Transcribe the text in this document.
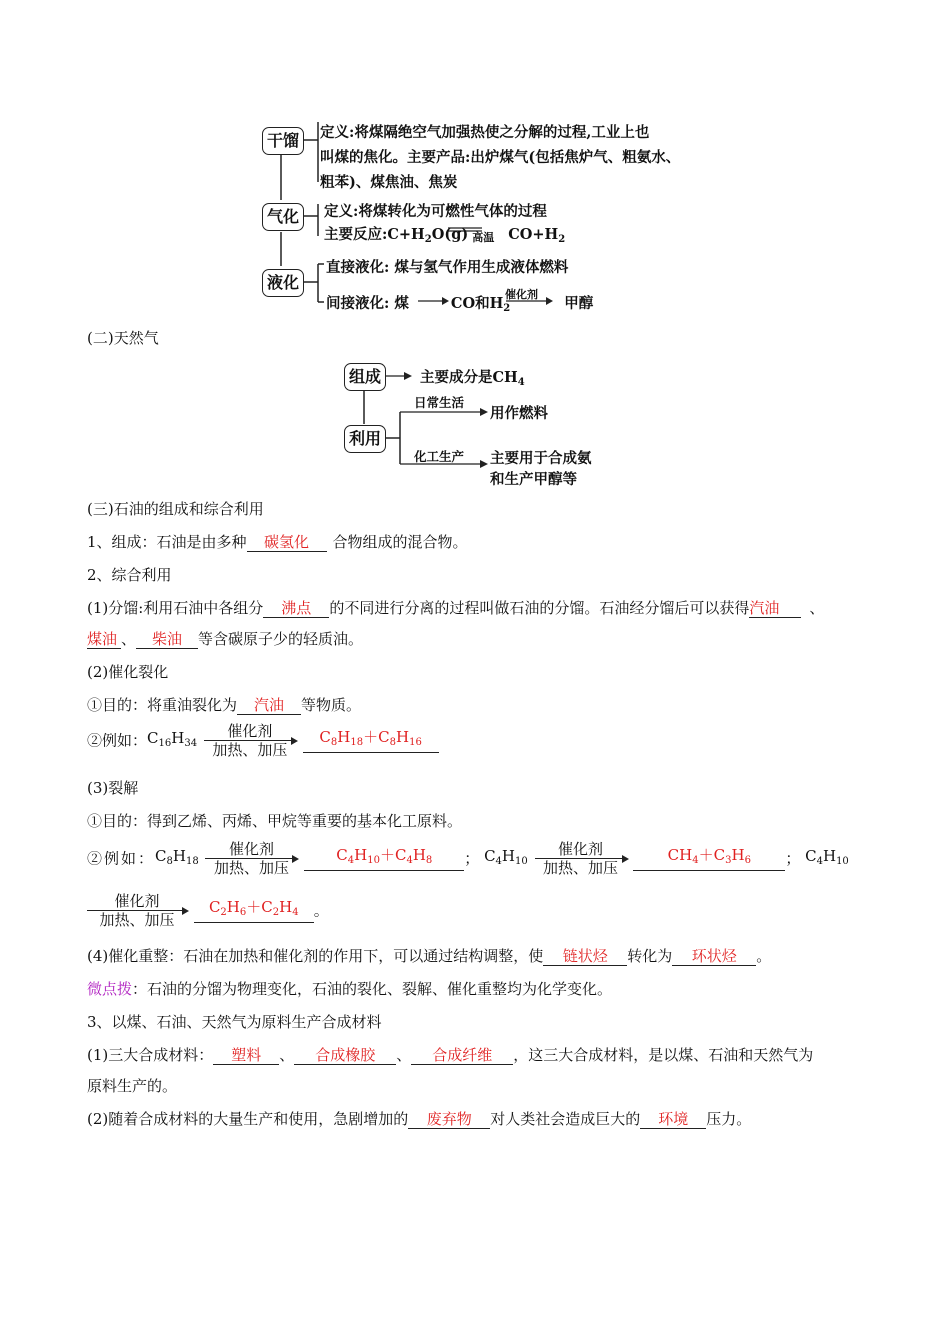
干馏	定义:将煤隔绝空气加强热使之分解的过程,工业上也
叫煤的焦化。主要产品:出炉煤气(包括焦炉气、粗氨水、
粗苯)、煤焦油、焦炭
气化	定义:将煤转化为可燃性气体的过程
主要反应$:C+H_2O(g)$ 高温 $CO+H_2$
液化
直接液化: 煤与氢气作用生成液体燃料
间接液化: 煤	CO和$H_2$	甲醇
催化剂
(二)天然气
组成	主要成分是$CH_4$
利用
日常生活
用作燃料
化工生产 主要用于合成氨
和生产甲醇等
(三)石油的组成和综合利用
1、组成：石油是由多种 碳氢化 合物组成的混合物。
2、综合利用
(1)分馏:利用石油中各组分 沸点 的不同进行分离的过程叫做石油的分馏。石油经分馏后可以获得汽油 、
煤油 、 柴油 等含碳原子少的轻质油。
(2)催化裂化
①目的：将重油裂化为 汽油 等物质。
②例如：$C_{16}H_{34}$
催化剂
加热、加压
$C_8H_{18}+C_8H_{16}$
(3)裂解
①目的：得到乙烯、丙烯、甲烷等重要的基本化工原料。
②例如：$C_8H_{18}$
催化剂
加热、加压
$C_4H_{10}+C_4H_8$ ； $C_4H_{10}$
催化剂
加热、加压
$CH_4+C_3H_6$ ； $C_4H_{10}$
催化剂
加热、加压
$C_2H_6+C_2H_4$ 。
(4)催化重整：石油在加热和催化剂的作用下，可以通过结构调整，使 链状烃 转化为 环状烃 。
微点拨：石油的分馏为物理变化，石油的裂化、裂解、催化重整均为化学变化。
3、以煤、石油、天然气为原料生产合成材料
(1)三大合成材料： 塑料 、 合成橡胶 、 合成纤维 ，这三大合成材料，是以煤、石油和天然气为
原料生产的。
(2)随着合成材料的大量生产和使用，急剧增加的 废弃物 对人类社会造成巨大的 环境 压力。
